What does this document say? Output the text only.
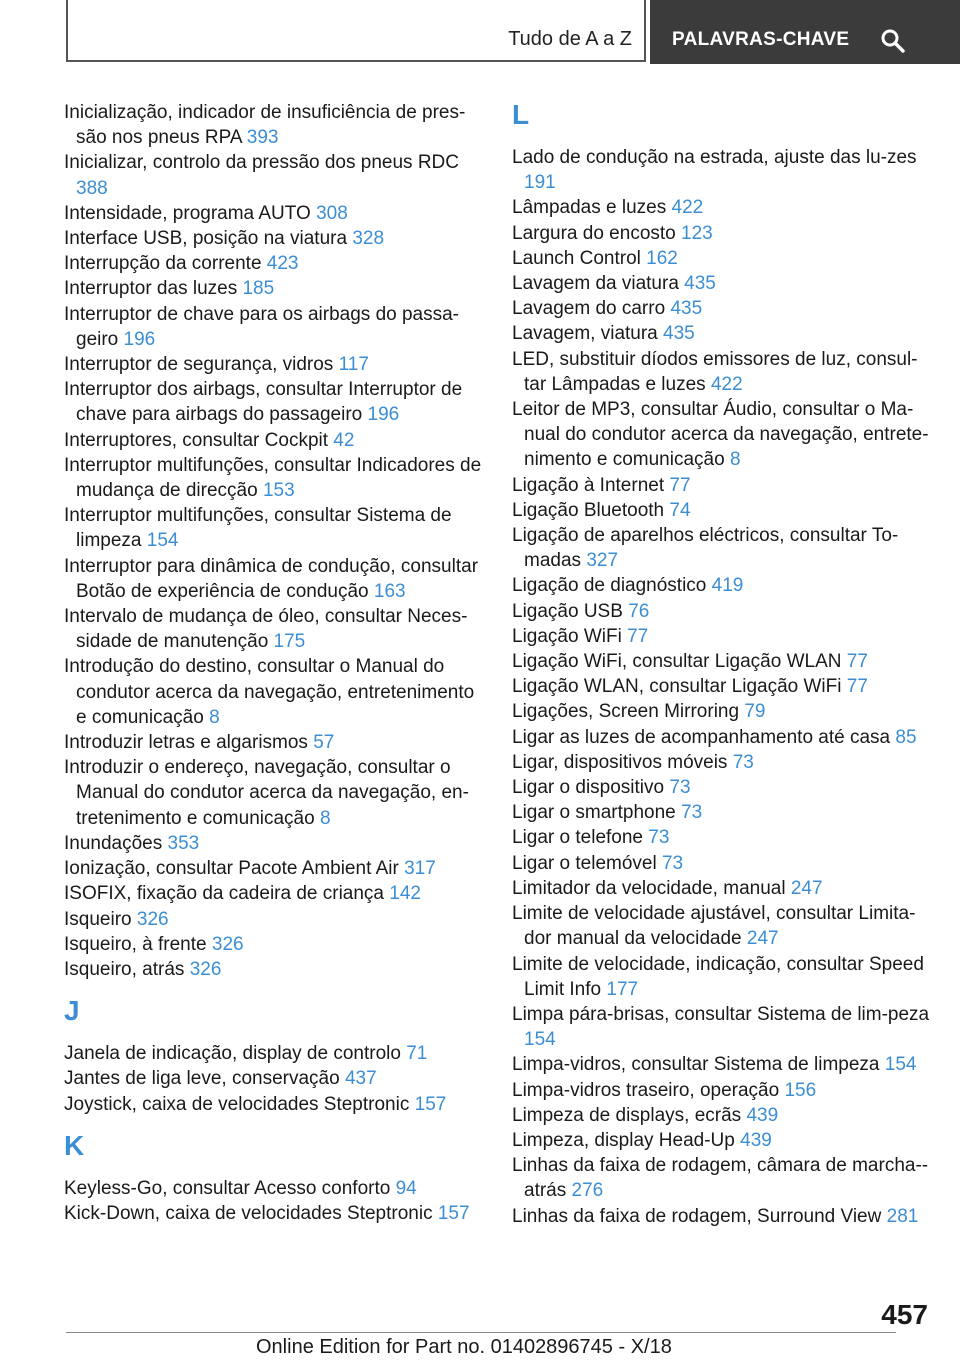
Tudo de A a Z PALAVRAS-CHAVE
Inicialização, indicador de insuficiência de pres-são nos pneus RPA 393
Inicializar, controlo da pressão dos pneus RDC 388
Intensidade, programa AUTO 308
Interface USB, posição na viatura 328
Interrupção da corrente 423
Interruptor das luzes 185
Interruptor de chave para os airbags do passa-geiro 196
Interruptor de segurança, vidros 117
Interruptor dos airbags, consultar Interruptor de chave para airbags do passageiro 196
Interruptores, consultar Cockpit 42
Interruptor multifunções, consultar Indicadores de mudança de direcção 153
Interruptor multifunções, consultar Sistema de limpeza 154
Interruptor para dinâmica de condução, consultar Botão de experiência de condução 163
Intervalo de mudança de óleo, consultar Neces-sidade de manutenção 175
Introdução do destino, consultar o Manual do condutor acerca da navegação, entretenimento e comunicação 8
Introduzir letras e algarismos 57
Introduzir o endereço, navegação, consultar o Manual do condutor acerca da navegação, en-tretenimento e comunicação 8
Inundações 353
Ionização, consultar Pacote Ambient Air 317
ISOFIX, fixação da cadeira de criança 142
Isqueiro 326
Isqueiro, à frente 326
Isqueiro, atrás 326
J
Janela de indicação, display de controlo 71
Jantes de liga leve, conservação 437
Joystick, caixa de velocidades Steptronic 157
K
Keyless-Go, consultar Acesso conforto 94
Kick-Down, caixa de velocidades Steptronic 157
L
Lado de condução na estrada, ajuste das lu-zes 191
Lâmpadas e luzes 422
Largura do encosto 123
Launch Control 162
Lavagem da viatura 435
Lavagem do carro 435
Lavagem, viatura 435
LED, substituir díodos emissores de luz, consul-tar Lâmpadas e luzes 422
Leitor de MP3, consultar Áudio, consultar o Ma-nual do condutor acerca da navegação, entrete-nimento e comunicação 8
Ligação à Internet 77
Ligação Bluetooth 74
Ligação de aparelhos eléctricos, consultar To-madas 327
Ligação de diagnóstico 419
Ligação USB 76
Ligação WiFi 77
Ligação WiFi, consultar Ligação WLAN 77
Ligação WLAN, consultar Ligação WiFi 77
Ligações, Screen Mirroring 79
Ligar as luzes de acompanhamento até casa 85
Ligar, dispositivos móveis 73
Ligar o dispositivo 73
Ligar o smartphone 73
Ligar o telefone 73
Ligar o telemóvel 73
Limitador da velocidade, manual 247
Limite de velocidade ajustável, consultar Limita-dor manual da velocidade 247
Limite de velocidade, indicação, consultar Speed Limit Info 177
Limpa pára-brisas, consultar Sistema de lim-peza 154
Limpa-vidros, consultar Sistema de limpeza 154
Limpa-vidros traseiro, operação 156
Limpeza de displays, ecrãs 439
Limpeza, display Head-Up 439
Linhas da faixa de rodagem, câmara de marcha--atrás 276
Linhas da faixa de rodagem, Surround View 281
457
Online Edition for Part no. 01402896745 - X/18
